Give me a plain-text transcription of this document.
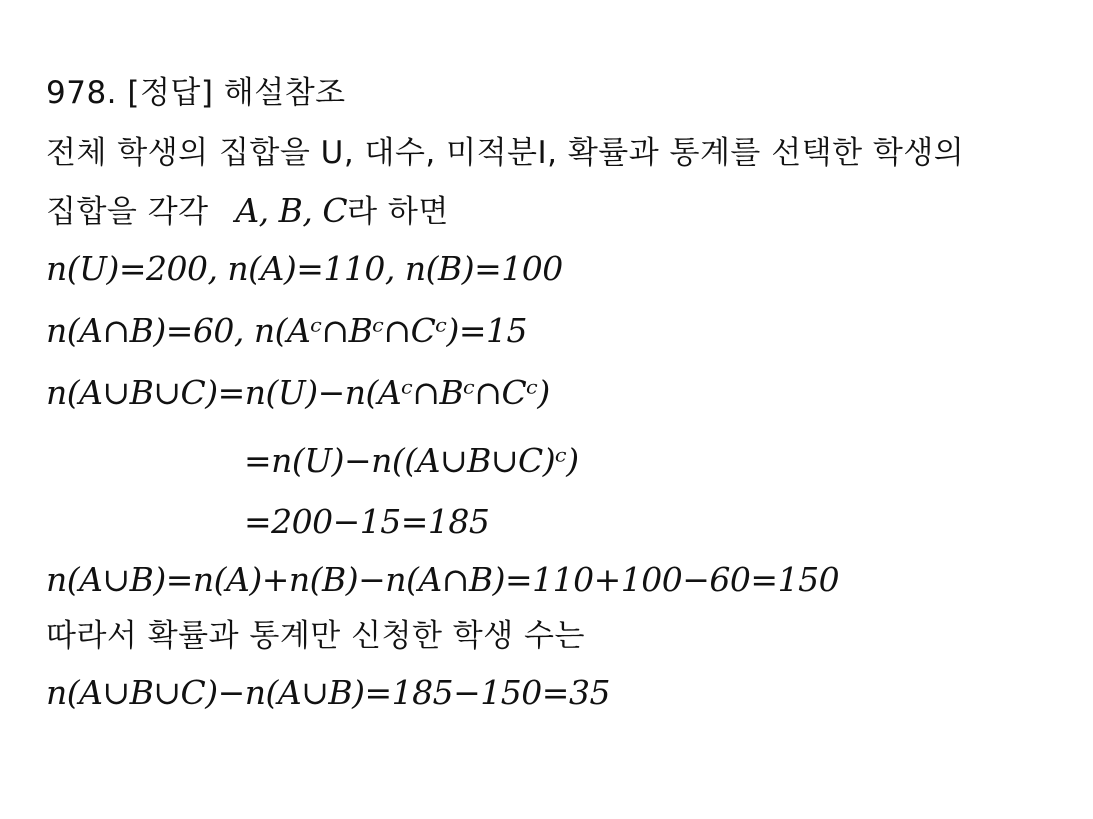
978. [정답] 해설참조
전체 학생의 집합을 U, 대수, 미적분Ⅰ, 확률과 통계를 선택한 학생의
집합을 각각 A, B, C라 하면
n(U)=200, n(A)=110, n(B)=100
n(A∩B)=60, n(Aᶜ∩Bᶜ∩Cᶜ)=15
n(A∪B∪C)=n(U)−n(Aᶜ∩Bᶜ∩Cᶜ)
=n(U)−n((A∪B∪C)ᶜ)
=200−15=185
n(A∪B)=n(A)+n(B)−n(A∩B)=110+100−60=150
따라서 확률과 통계만 신청한 학생 수는
n(A∪B∪C)−n(A∪B)=185−150=35
